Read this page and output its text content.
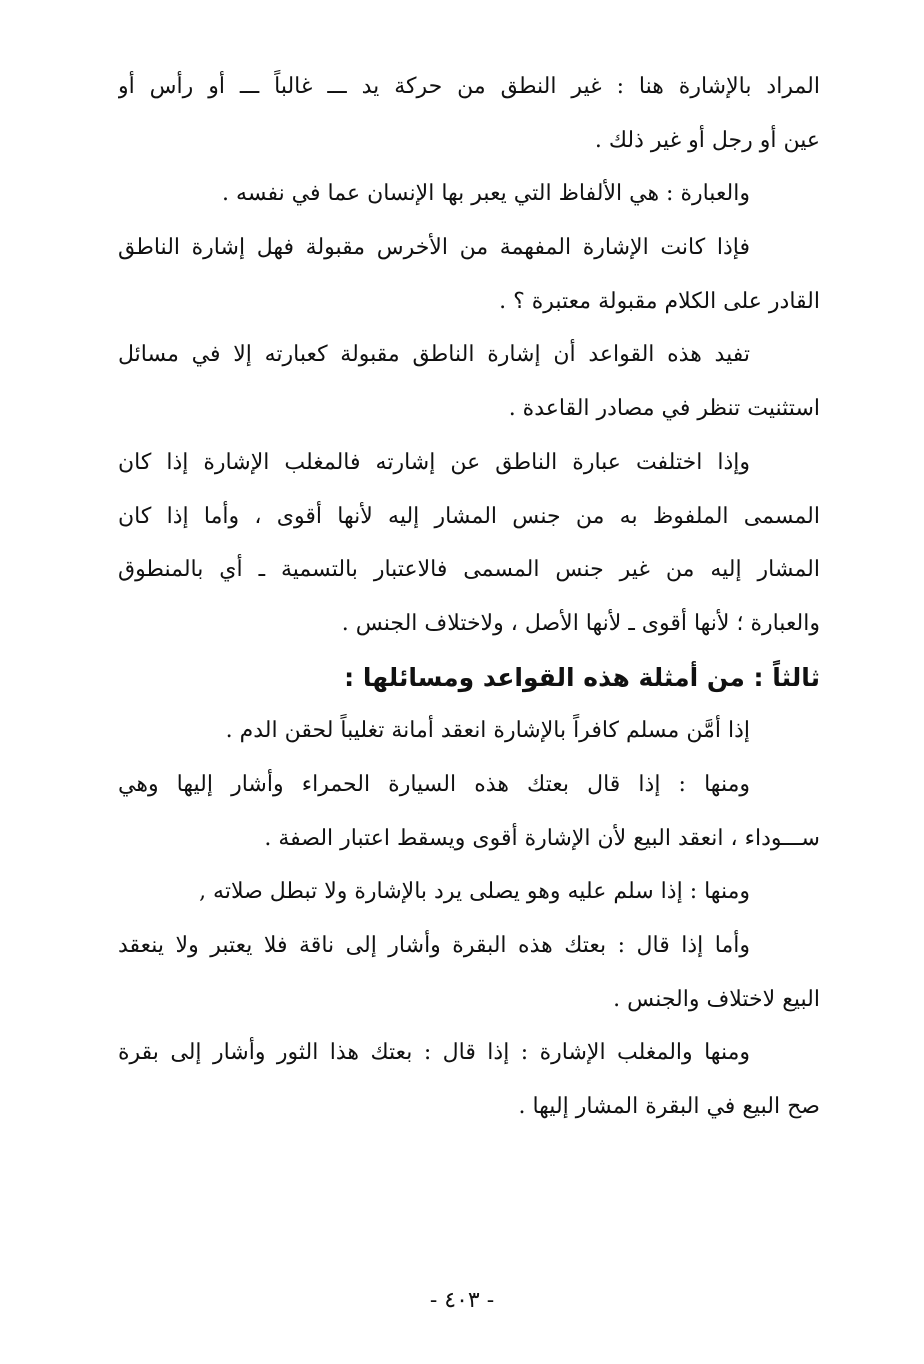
المراد بالإشارة هنا : غير النطق من حركة يد ـــ غالباً ـــ أو رأس أو
عين أو رجل أو غير ذلك .
والعبارة : هي الألفاظ التي يعبر بها الإنسان عما في نفسه .
فإذا كانت الإشارة المفهمة من الأخرس مقبولة فهل إشارة الناطق
القادر على الكلام مقبولة معتبرة ؟ .
تفيد هذه القواعد أن إشارة الناطق مقبولة كعبارته إلا في مسائل
استثنيت تنظر في مصادر القاعدة .
وإذا اختلفت عبارة الناطق عن إشارته فالمغلب الإشارة إذا كان
المسمى الملفوظ به من جنس المشار إليه لأنها أقوى ، وأما إذا كان
المشار إليه من غير جنس المسمى فالاعتبار بالتسمية ـ أي بالمنطوق
والعبارة ؛ لأنها أقوى ـ لأنها الأصل ، ولاختلاف الجنس .
ثالثاً : من أمثلة هذه القواعد ومسائلها :
إذا أمَّن مسلم كافراً بالإشارة انعقد أمانة تغليباً لحقن الدم .
ومنها : إذا قال بعتك هذه السيارة الحمراء وأشار إليها وهي
ســـوداء ، انعقد البيع لأن الإشارة أقوى ويسقط اعتبار الصفة .
ومنها : إذا سلم عليه وهو يصلى يرد بالإشارة ولا تبطل صلاته ,
وأما إذا قال : بعتك هذه البقرة وأشار إلى ناقة فلا يعتبر ولا ينعقد
البيع لاختلاف والجنس .
ومنها والمغلب الإشارة : إذا قال : بعتك هذا الثور وأشار إلى بقرة
صح البيع في البقرة المشار إليها .
- ٤٠٣ -
